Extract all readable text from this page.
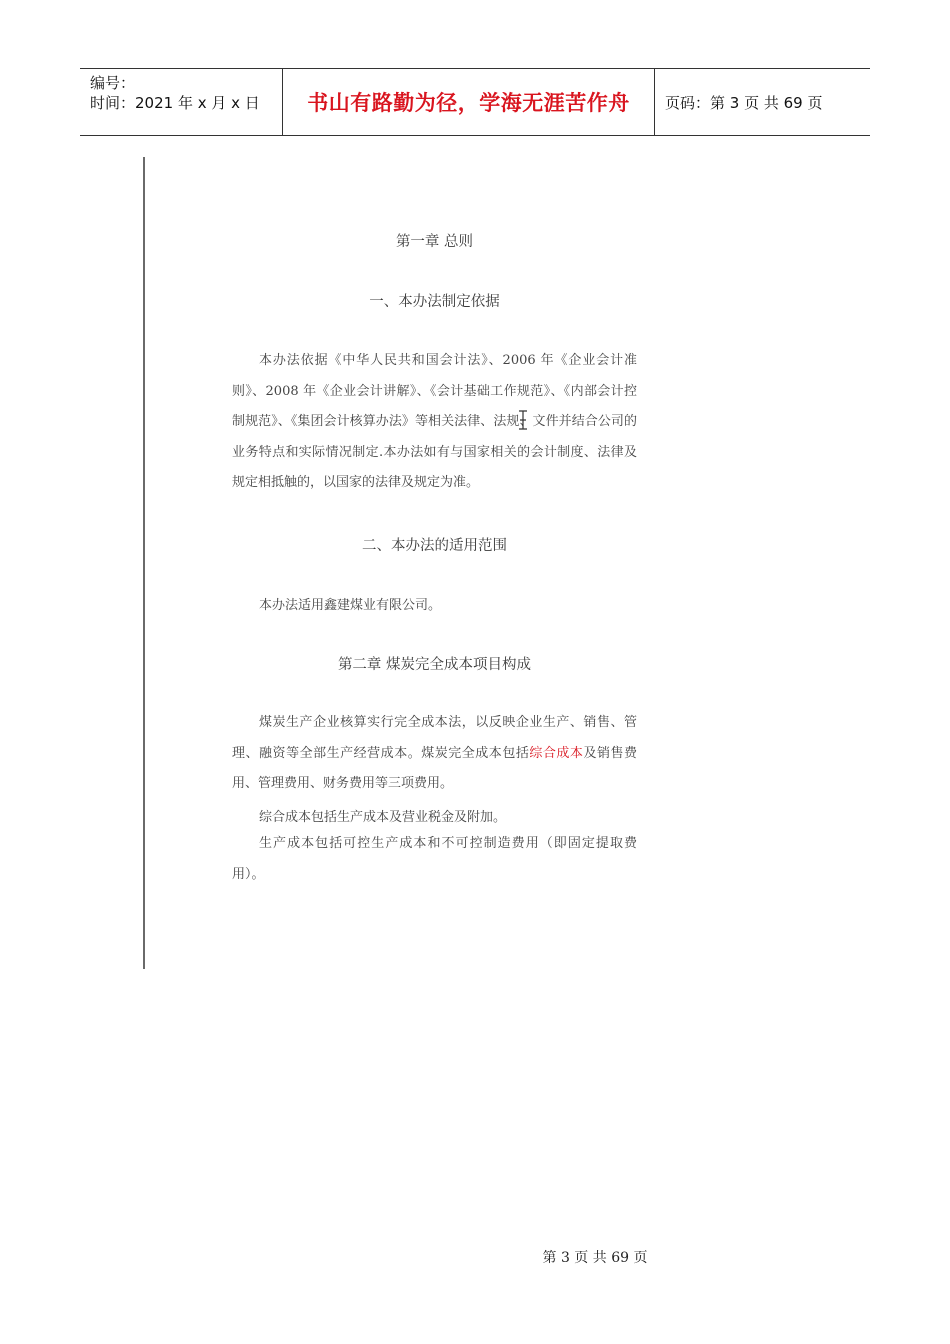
编号：
时间：2021 年 x 月 x 日	书山有路勤为径，学海无涯苦作舟 页码：第 3 页 共 69 页
第一章 总则
一、本办法制定依据
本办法依据《中华人民共和国会计法》、2006 年《企业会计准则》、2008 年《企业会计讲解》、《会计基础工作规范》、《内部会计控制规范》、《集团会计核算办法》等相关法律、法规、文件并结合公司的业务特点和实际情况制定.本办法如有与国家相关的会计制度、法律及规定相抵触的，以国家的法律及规定为准。
二、本办法的适用范围
本办法适用鑫建煤业有限公司。
第二章 煤炭完全成本项目构成
煤炭生产企业核算实行完全成本法，以反映企业生产、销售、管理、融资等全部生产经营成本。煤炭完全成本包括综合成本及销售费用、管理费用、财务费用等三项费用。
综合成本包括生产成本及营业税金及附加。
生产成本包括可控生产成本和不可控制造费用（即固定提取费用）。
第 3 页 共 69 页
